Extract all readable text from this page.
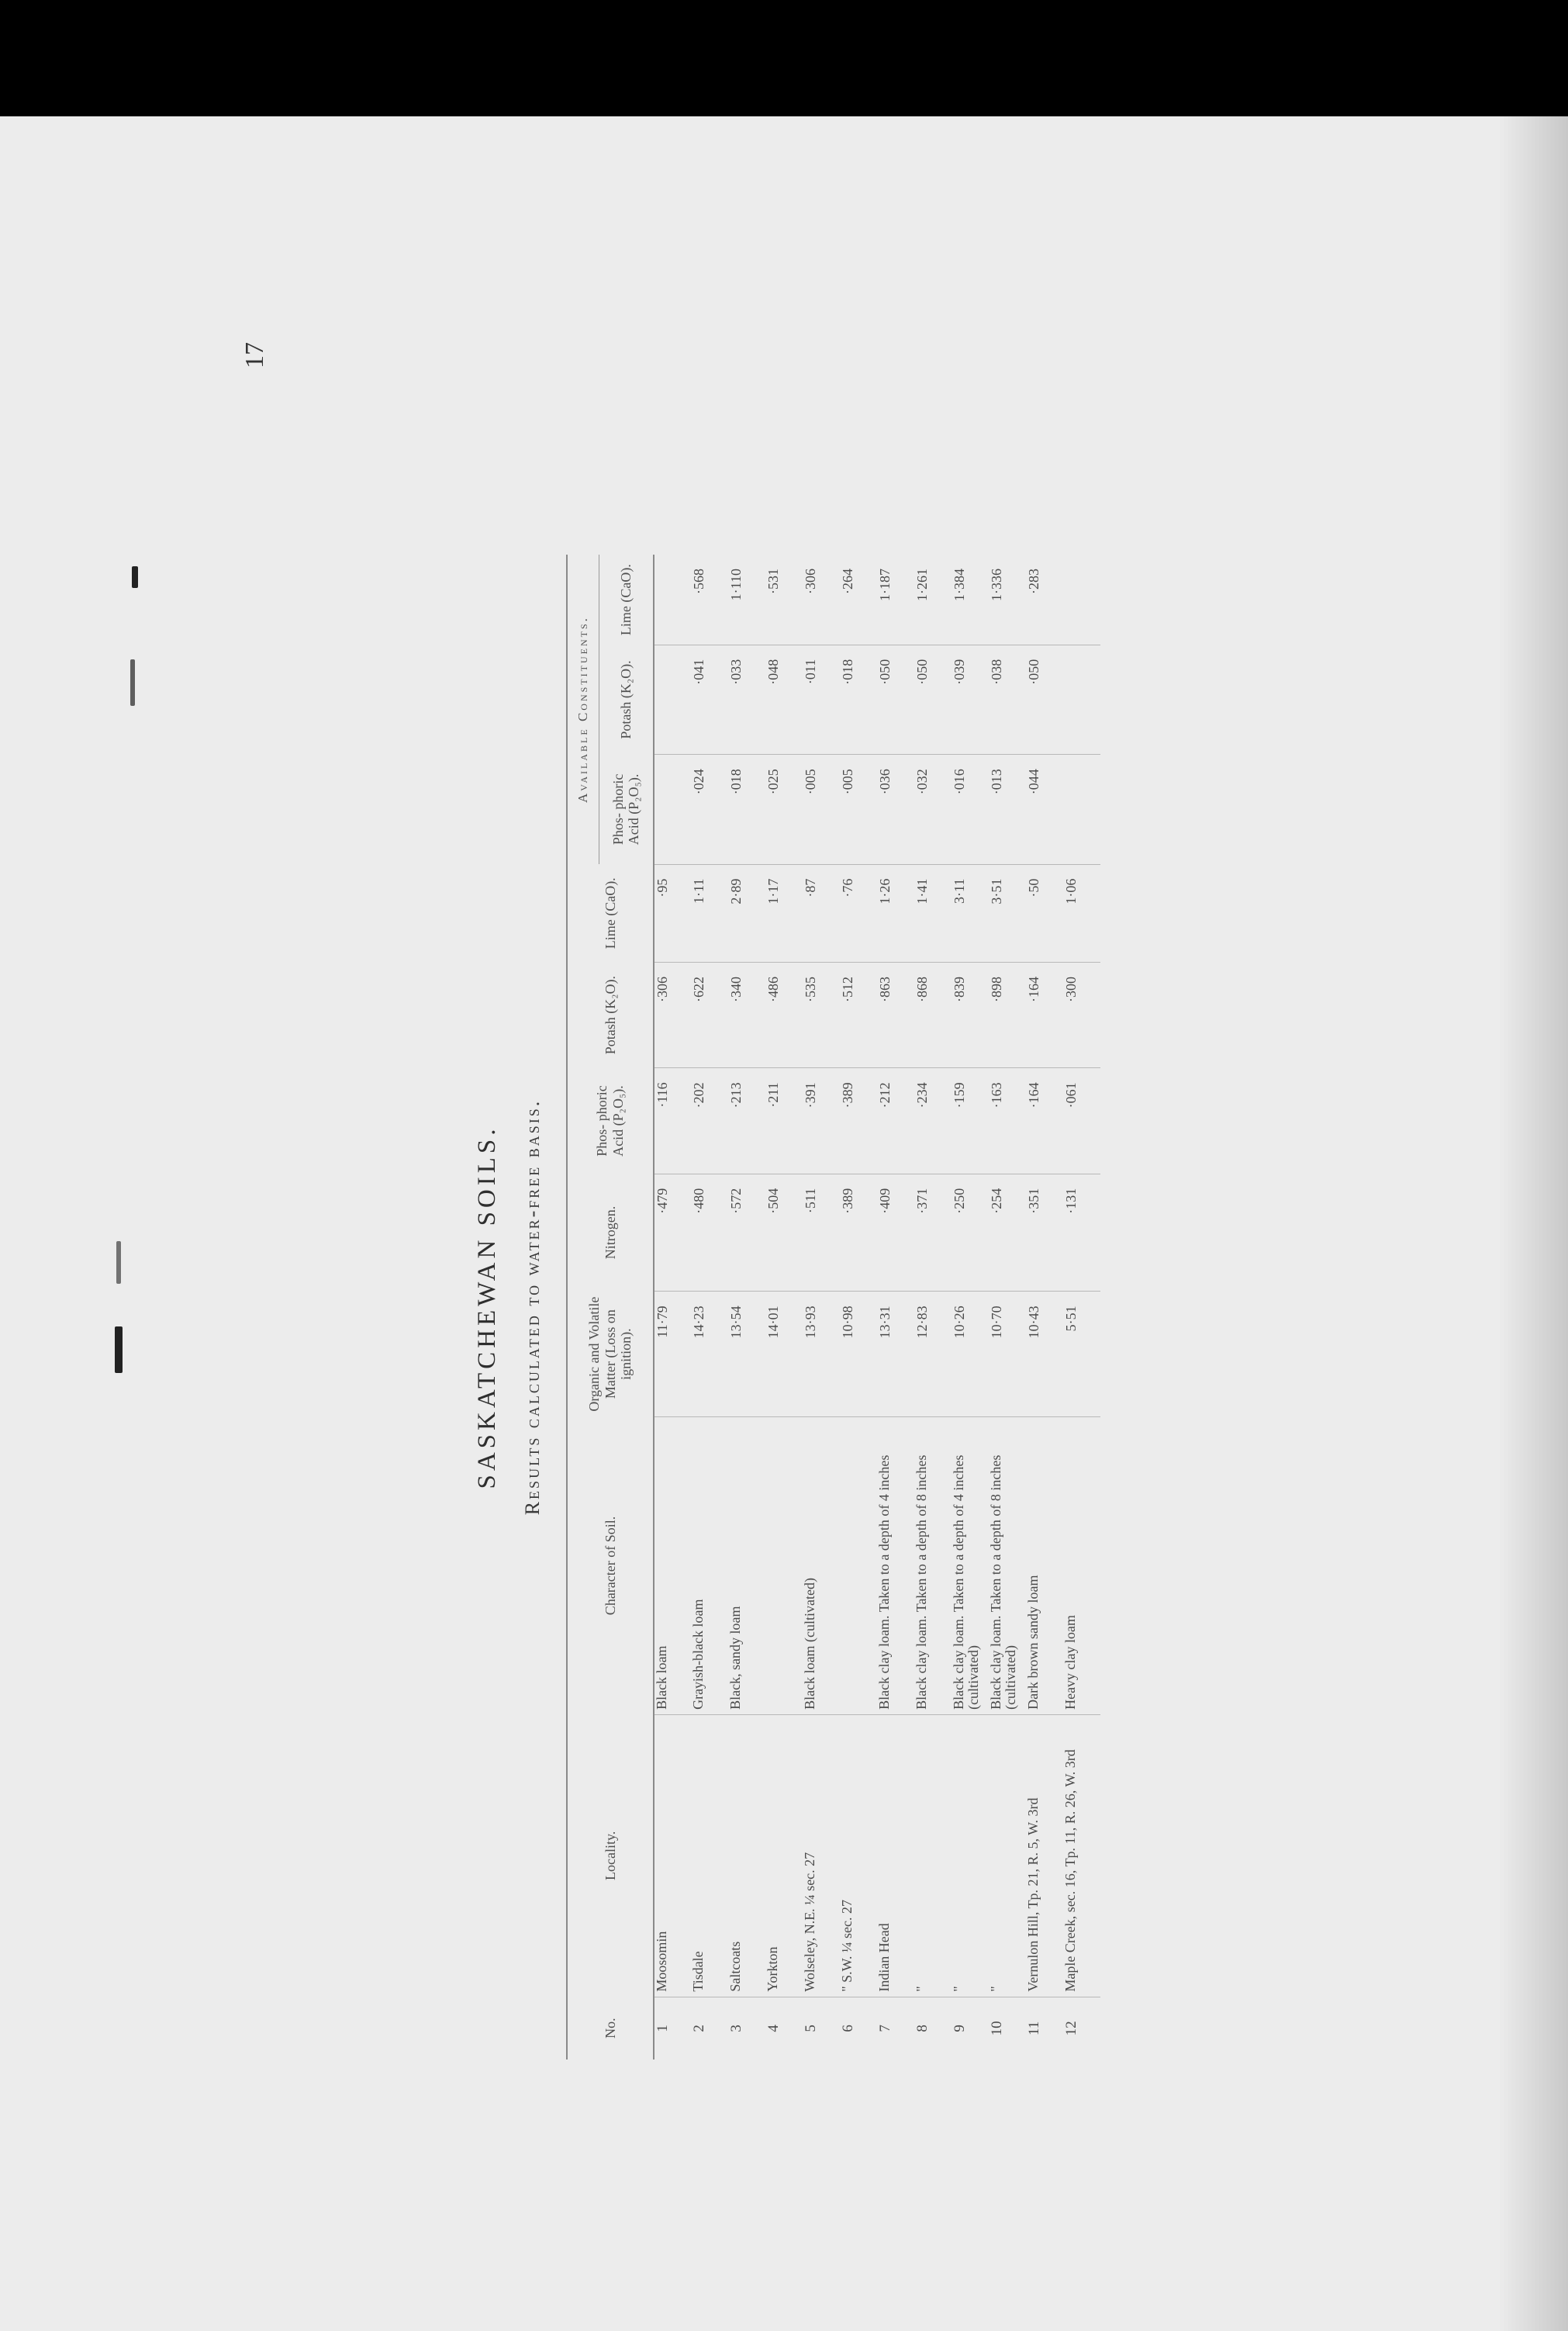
17
SASKATCHEWAN SOILS. Results calculated to water-free basis.
No.	Locality.	Character of Soil.	Organic and Volatile Matter (Loss on ignition).	Nitrogen.	Phos- phoric Acid (P₂O₅).	Potash (K₂O).	Lime (CaO).	Available Constituents.		
								Phos- phoric Acid (P₂O₅).	Potash (K₂O).	Lime (CaO).
1	Moosomin	Black loam	11·79	·479	·116	·306	·95			
2	Tisdale	Grayish-black loam	14·23	·480	·202	·622	1·11	·024	·041	·568
3	Saltcoats	Black, sandy loam	13·54	·572	·213	·340	2·89	·018	·033	1·110
4	Yorkton		14·01	·504	·211	·486	1·17	·025	·048	·531
5	Wolseley, N.E. ¼ sec. 27	Black loam (cultivated)	13·93	·511	·391	·535	·87	·005	·011	·306
6	" S.W. ¼ sec. 27		10·98	·389	·389	·512	·76	·005	·018	·264
7	Indian Head	Black clay loam. Taken to a depth of 4 inches	13·31	·409	·212	·863	1·26	·036	·050	1·187
8	"	Black clay loam. Taken to a depth of 8 inches	12·83	·371	·234	·868	1·41	·032	·050	1·261
9	"	Black clay loam. Taken to a depth of 4 inches (cultivated)	10·26	·250	·159	·839	3·11	·016	·039	1·384
10	"	Black clay loam. Taken to a depth of 8 inches (cultivated)	10·70	·254	·163	·898	3·51	·013	·038	1·336
11	Vernulon Hill, Tp. 21, R. 5, W. 3rd	Dark brown sandy loam	10·43	·351	·164	·164	·50	·044	·050	·283
12	Maple Creek, sec. 16, Tp. 11, R. 26, W. 3rd	Heavy clay loam	5·51	·131	·061	·300	1·06			
